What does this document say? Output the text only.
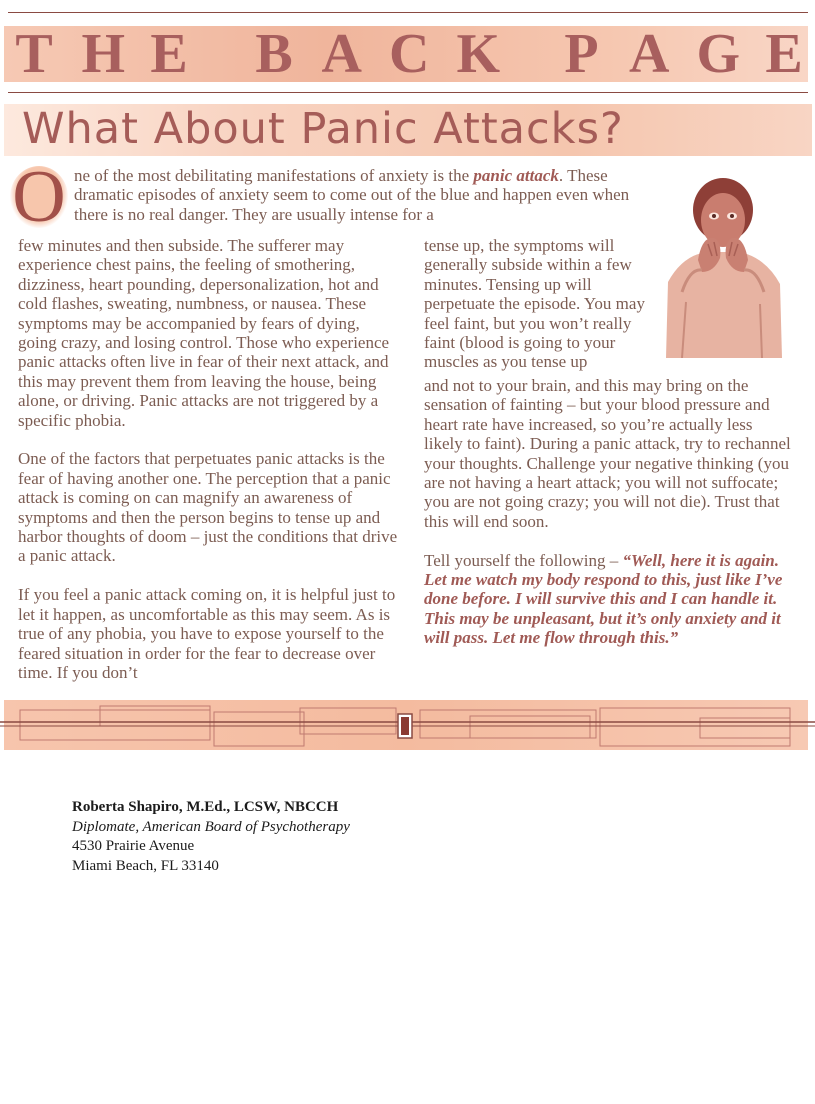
T H E B A C K P A G E
What About Panic Attacks?
O ne of the most debilitating manifestations of anxiety is the panic attack. These dramatic episodes of anxiety seem to come out of the blue and happen even when there is no real danger. They are usually intense for a

few minutes and then subside. The sufferer may experience chest pains, the feeling of smothering, dizziness, heart pounding, depersonalization, hot and cold flashes, sweating, numbness, or nausea. These symptoms may be accompanied by fears of dying, going crazy, and losing control. Those who experience panic attacks often live in fear of their next attack, and this may prevent them from leaving the house, being alone, or driving. Panic attacks are not triggered by a specific phobia.

One of the factors that perpetuates panic attacks is the fear of having another one. The perception that a panic attack is coming on can magnify an awareness of symptoms and then the person begins to tense up and harbor thoughts of doom – just the conditions that drive a panic attack.

If you feel a panic attack coming on, it is helpful just to let it happen, as uncomfortable as this may seem. As is true of any phobia, you have to expose yourself to the feared situation in order for the fear to decrease over time. If you don’t

tense up, the symptoms will generally subside within a few minutes. Tensing up will perpetuate the episode. You may feel faint, but you won’t really faint (blood is going to your muscles as you tense up

and not to your brain, and this may bring on the sensation of fainting – but your blood pressure and heart rate have increased, so you’re actually less likely to faint). During a panic attack, try to rechannel your thoughts. Challenge your negative thinking (you are not having a heart attack; you will not suffocate; you are not going crazy; you will not die). Trust that this will end soon.

Tell yourself the following – “Well, here it is again. Let me watch my body respond to this, just like I’ve done before. I will survive this and I can handle it. This may be unpleasant, but it’s only anxiety and it will pass. Let me flow through this.”

Roberta Shapiro, M.Ed., LCSW, NBCCH
Diplomate, American Board of Psychotherapy
4530 Prairie Avenue
Miami Beach, FL 33140
